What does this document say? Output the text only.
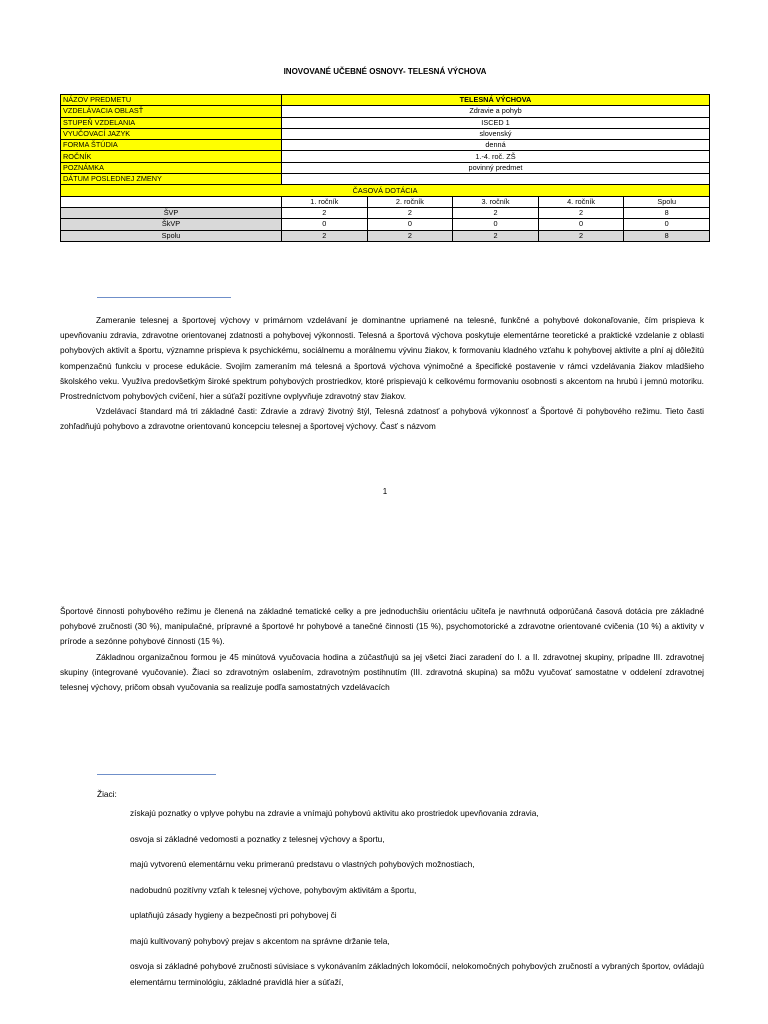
INOVOVANÉ UČEBNÉ OSNOVY- TELESNÁ VÝCHOVA
NÁZOV PREDMETU	TELESNÁ VÝCHOVA				
VZDELÁVACIA OBLASŤ	Zdravie a pohyb				
STUPEŇ VZDELANIA	ISCED 1				
VYUČOVACÍ JAZYK	slovenský				
FORMA ŠTÚDIA	denná				
ROČNÍK	1.-4. roč. ZŠ				
POZNÁMKA	povinný predmet				
DÁTUM POSLEDNEJ ZMENY					
ČASOVÁ DOTÁCIA					
	1. ročník	2. ročník	3. ročník	4. ročník	Spolu
ŠVP	2	2	2	2	8
ŠkVP	0	0	0	0	0
Spolu	2	2	2	2	8

Zameranie telesnej a športovej výchovy v primárnom vzdelávaní je dominantne upriamené na telesné, funkčné a pohybové dokonaľovanie, čím prispieva k upevňovaniu zdravia, zdravotne orientovanej zdatnosti a pohybovej výkonnosti. Telesná a športová výchova poskytuje elementárne teoretické a praktické vzdelanie z oblasti pohybových aktivít a športu, významne prispieva k psychickému, sociálnemu a morálnemu vývinu žiakov, k formovaniu kladného vzťahu k pohybovej aktivite a plní aj dôležitú kompenzačnú funkciu v procese edukácie. Svojím zameraním má telesná a športová výchova výnimočné a špecifické postavenie v rámci vzdelávania žiakov mladšieho školského veku. Využíva predovšetkým široké spektrum pohybových prostriedkov, ktoré prispievajú k celkovému formovaniu osobnosti s akcentom na hrubú i jemnú motoriku. Prostredníctvom pohybových cvičení, hier a súťaží pozitívne ovplyvňuje zdravotný stav žiakov.

Vzdelávací štandard má tri základné časti: Zdravie a zdravý životný štýl, Telesná zdatnosť a pohybová výkonnosť a Športové či pohybového režimu. Tieto časti zohľadňujú pohybovo a zdravotne orientovanú koncepciu telesnej a športovej výchovy. Časť s názvom

1

Športové činnosti pohybového režimu je členená na základné tematické celky a pre jednoduchšiu orientáciu učiteľa je navrhnutá odporúčaná časová dotácia pre základné pohybové zručnosti (30 %), manipulačné, prípravné a športové hr pohybové a tanečné činnosti (15 %), psychomotorické a zdravotne orientované cvičenia (10 %) a aktivity v prírode a sezónne pohybové činnosti (15 %).

Základnou organizačnou formou je 45 minútová vyučovacia hodina a zúčastňujú sa jej všetci žiaci zaradení do I. a II. zdravotnej skupiny, prípadne III. zdravotnej skupiny (integrované vyučovanie). Žiaci so zdravotným oslabením, zdravotným postihnutím (III. zdravotná skupina) sa môžu vyučovať samostatne v oddelení zdravotnej telesnej výchovy, pričom obsah vyučovania sa realizuje podľa samostatných vzdelávacích

Žiaci:
získajú poznatky o vplyve pohybu na zdravie a vnímajú pohybovú aktivitu ako prostriedok upevňovania zdravia,
osvoja si základné vedomosti a poznatky z telesnej výchovy a športu,
majú vytvorenú elementárnu veku primeranú predstavu o vlastných pohybových možnostiach,
nadobudnú pozitívny vzťah k telesnej výchove, pohybovým aktivitám a športu,
uplatňujú zásady hygieny a bezpečnosti pri pohybovej či
majú kultivovaný pohybový prejav s akcentom na správne držanie tela,
osvoja si základné pohybové zručnosti súvisiace s vykonávaním základných lokomócií, nelokomočných pohybových zručností a vybraných športov, ovládajú elementárnu terminológiu, základné pravidlá hier a súťaží,
